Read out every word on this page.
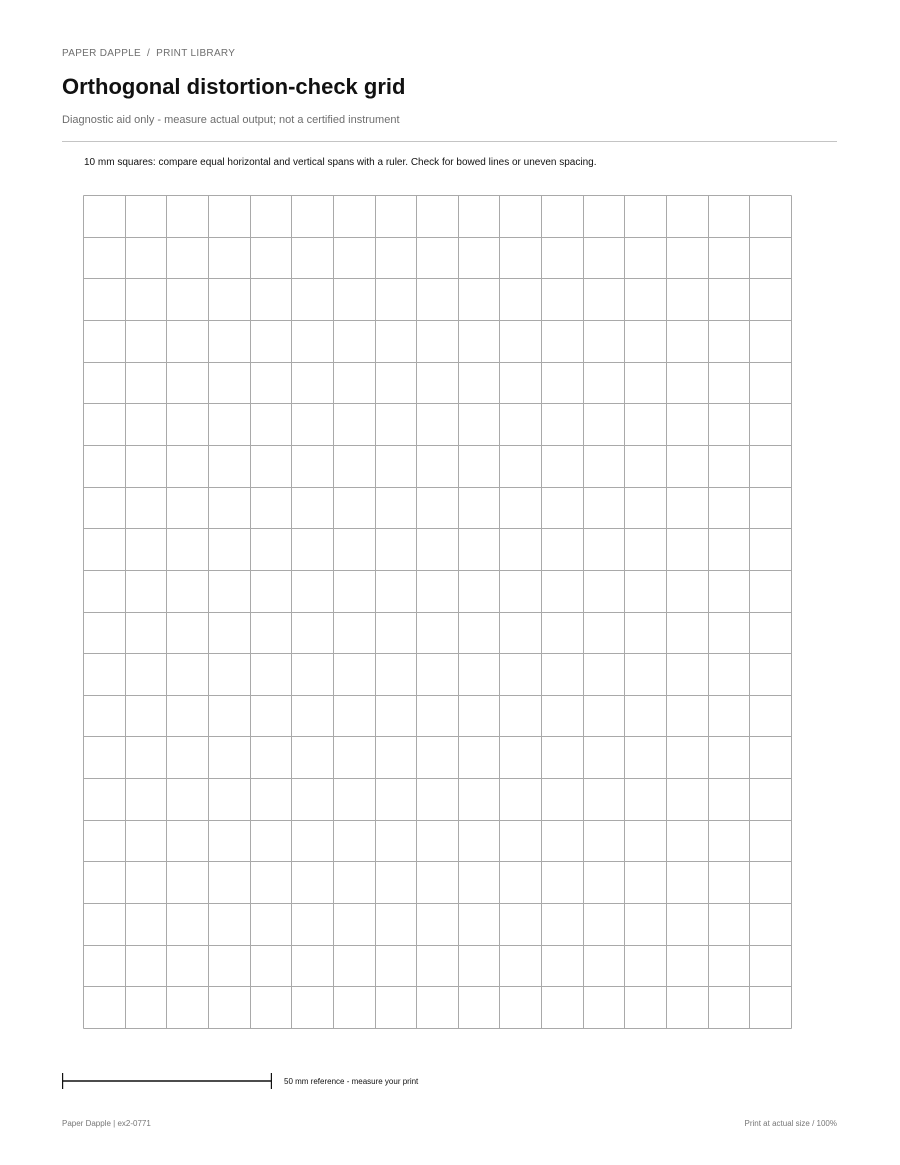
PAPER DAPPLE / PRINT LIBRARY
Orthogonal distortion-check grid
Diagnostic aid only - measure actual output; not a certified instrument
10 mm squares: compare equal horizontal and vertical spans with a ruler. Check for bowed lines or uneven spacing.
50 mm reference - measure your print
Paper Dapple | ex2-0771	Print at actual size / 100%
